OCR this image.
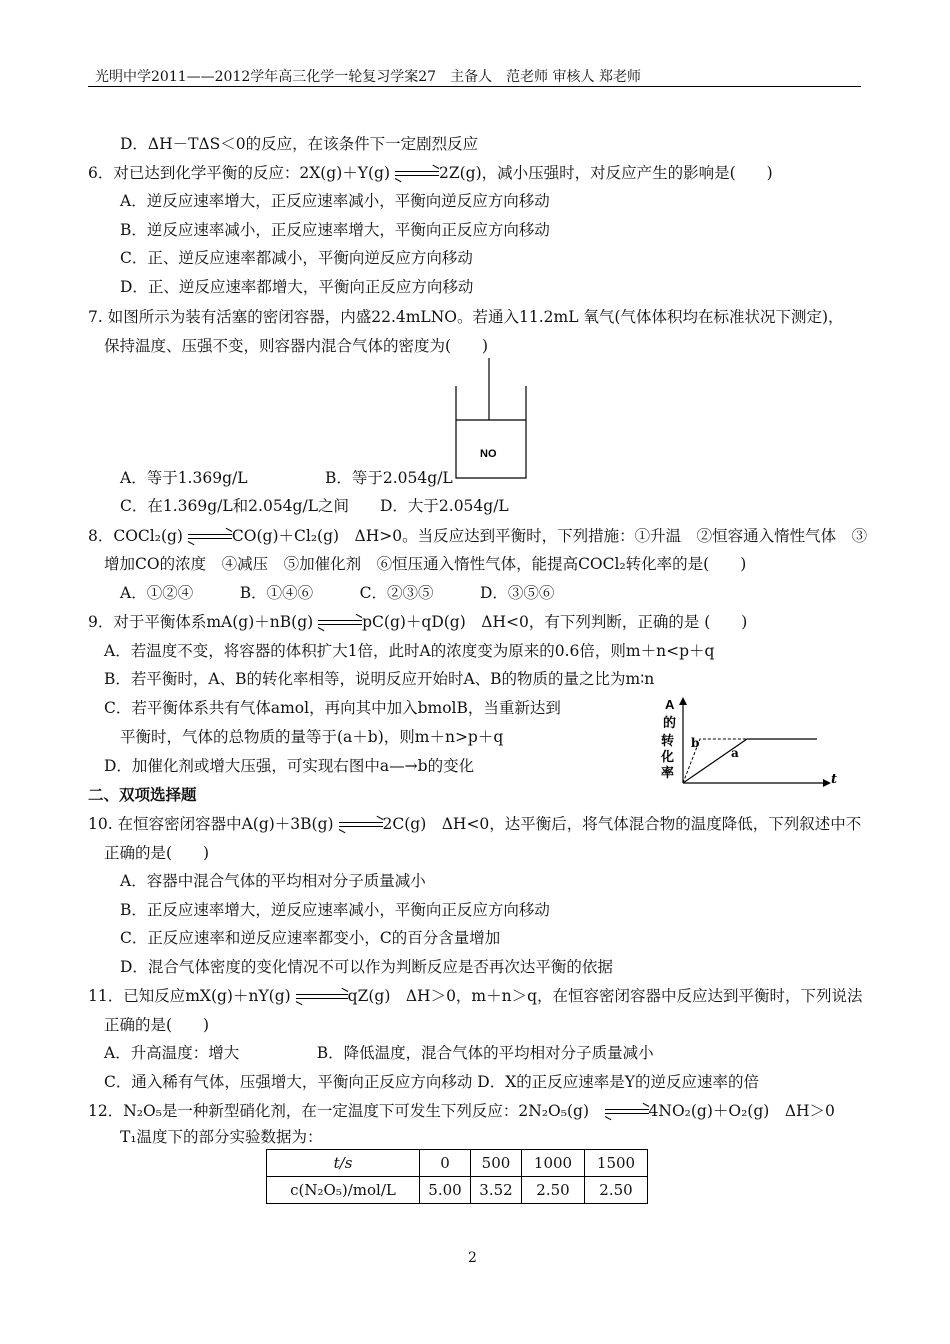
光明中学2011——2012学年高三化学一轮复习学案27　主备人　范老师 审核人 郑老师
D．ΔH－TΔS＜0的反应，在该条件下一定剧烈反应
6．对已达到化学平衡的反应：2X(g)＋Y(g)	2Z(g)，减小压强时，对反应产生的影响是(　　)
A．逆反应速率增大，正反应速率减小，平衡向逆反应方向移动
B．逆反应速率减小，正反应速率增大，平衡向正反应方向移动
C．正、逆反应速率都减小，平衡向逆反应方向移动
D．正、逆反应速率都增大，平衡向正反应方向移动
7. 如图所示为装有活塞的密闭容器，内盛22.4mLNO。若通入11.2mL 氧气(气体体积均在标准状况下测定)，
保持温度、压强不变，则容器内混合气体的密度为(　　)
NO
A．等于1.369g/L　　　　　B．等于2.054g/L
C．在1.369g/L和2.054g/L之间　　D．大于2.054g/L
8．COCl₂(g)	CO(g)＋Cl₂(g)　ΔH>0。当反应达到平衡时，下列措施：①升温　②恒容通入惰性气体　③
增加CO的浓度　④减压　⑤加催化剂　⑥恒压通入惰性气体，能提高COCl₂转化率的是(　　)
A．①②④　　　B．①④⑥　　　C．②③⑤　　　D．③⑤⑥
9．对于平衡体系mA(g)＋nB(g)	pC(g)＋qD(g)　ΔH<0，有下列判断，正确的是 (　　)
A．若温度不变，将容器的体积扩大1倍，此时A的浓度变为原来的0.6倍，则m＋n<p＋q
B．若平衡时，A、B的转化率相等，说明反应开始时A、B的物质的量之比为m∶n
C．若平衡体系共有气体amol，再向其中加入bmolB，当重新达到
平衡时，气体的总物质的量等于(a＋b)，则m＋n>p＋q
D．加催化剂或增大压强，可实现右图中a—→b的变化
A 的转化率	t
b
a
二、双项选择题
10. 在恒容密闭容器中A(g)＋3B(g)	2C(g)　ΔH<0，达平衡后，将气体混合物的温度降低，下列叙述中不
正确的是(　　)
A．容器中混合气体的平均相对分子质量减小
B．正反应速率增大，逆反应速率减小，平衡向正反应方向移动
C．正反应速率和逆反应速率都变小，C的百分含量增加
D．混合气体密度的变化情况不可以作为判断反应是否再次达平衡的依据
11．已知反应mX(g)＋nY(g)	qZ(g)　ΔH＞0，m＋n＞q，在恒容密闭容器中反应达到平衡时，下列说法
正确的是(　　)
A．升高温度：增大　　　　　B．降低温度，混合气体的平均相对分子质量减小
C．通入稀有气体，压强增大，平衡向正反应方向移动 D．X的正反应速率是Y的逆反应速率的倍
12．N₂O₅是一种新型硝化剂，在一定温度下可发生下列反应：2N₂O₅(g)　	4NO₂(g)＋O₂(g)　ΔH＞0
T₁温度下的部分实验数据为：
t/s	0	500	1000	1500
c(N₂O₅)/mol/L	5.00	3.52	2.50	2.50
2
